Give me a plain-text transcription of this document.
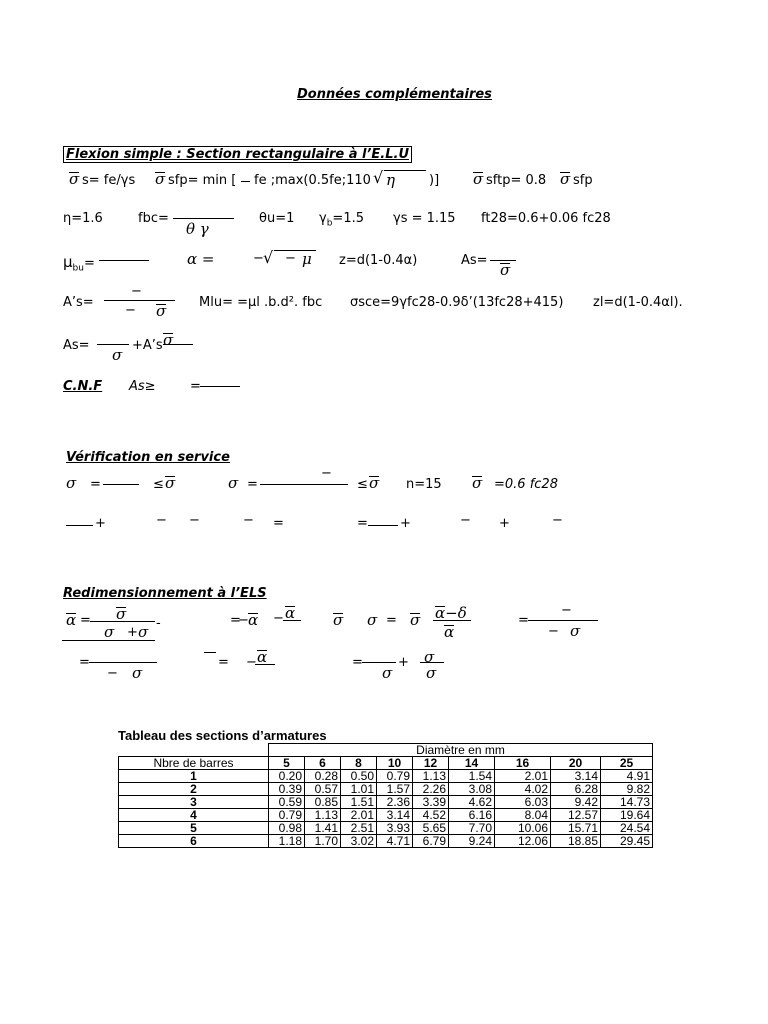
Données complémentaires
Flexion simple : Section rectangulaire à l’E.L.U
σ s= fe/γs σ sfp= min [ fe ;max(0.5fe;110 √ η	)] σ sftp= 0.8 σ sfp
η=1.6	fbc=
θ γ
θu=1 $\gamma_b=1.5$ γs = 1.15 ft28=0.6+0.06 fc28
$\mu_{bu}=$	α =	− √ − μ z=d(1-0.4α)	As=
σ
−
A’s=
− σ	Mlu= =μl .b.d². fbc σsce=9γfc28-0.9δ’(13fc28+415) zl=d(1-0.4αl).
As=
σ
+A’s σ
C.N.F As≥	=
Vérification en service
σ =	≤ σ	σ =
−
≤ σ n=15 σ =0.6 fc28
+	− −	− =	= +	− +	−
Redimensionnement à l’ELS
α = σ
σ + σ -	=
− α − α	σ σ = σ α−δ
α
=
−
− σ
=
− σ
= − α	=
σ
+ σ
σ
Tableau des sections d’armatures
	Diamètre en mm								
Nbre de barres	5	6	8	10	12	14	16	20	25
1	0.20	0.28	0.50	0.79	1.13	1.54	2.01	3.14	4.91
2	0.39	0.57	1.01	1.57	2.26	3.08	4.02	6.28	9.82
3	0.59	0.85	1.51	2.36	3.39	4.62	6.03	9.42	14.73
4	0.79	1.13	2.01	3.14	4.52	6.16	8.04	12.57	19.64
5	0.98	1.41	2.51	3.93	5.65	7.70	10.06	15.71	24.54
6	1.18	1.70	3.02	4.71	6.79	9.24	12.06	18.85	29.45
